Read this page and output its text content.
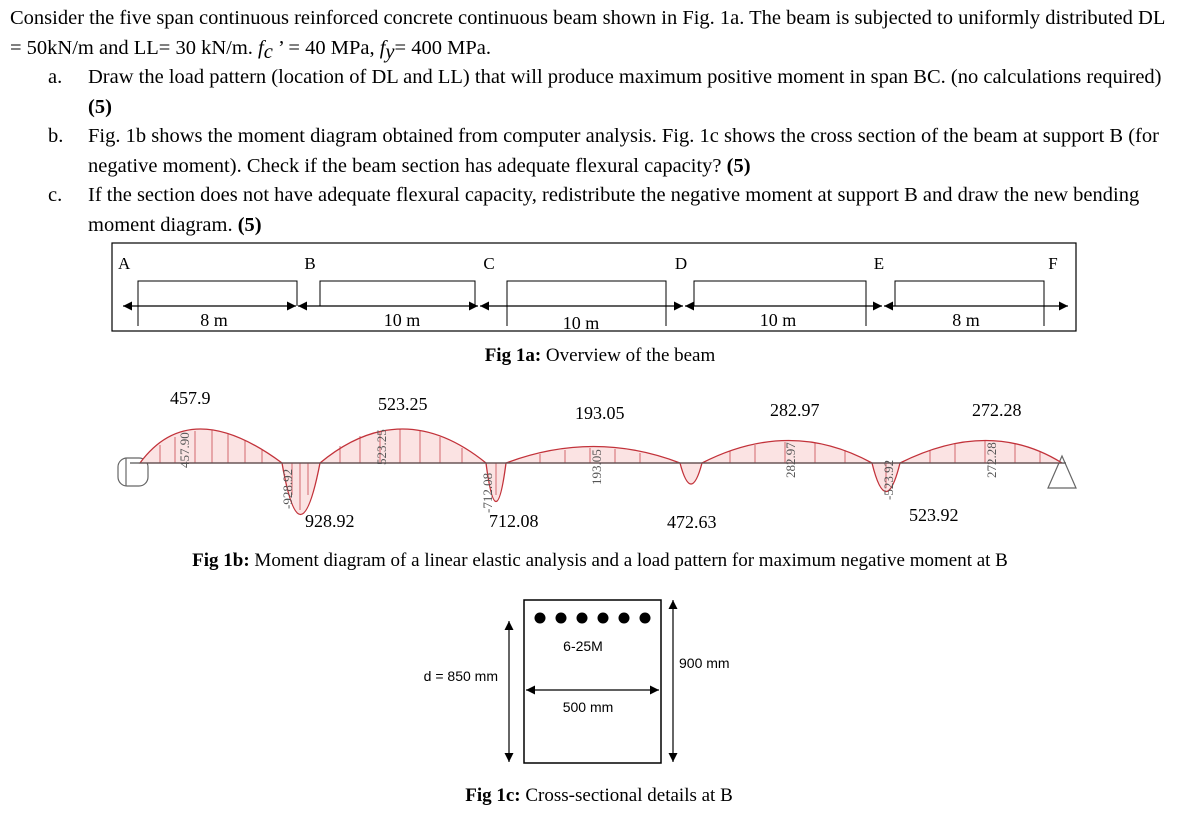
Consider the five span continuous reinforced concrete continuous beam shown in Fig. 1a. The beam is subjected to uniformly distributed DL = 50kN/m and LL= 30 kN/m. $f_c$ ’ = 40 MPa, $f_y= 400$ MPa.

a. Draw the load pattern (location of DL and LL) that will produce maximum positive moment in span BC. (no calculations required) (5)
b. Fig. 1b shows the moment diagram obtained from computer analysis. Fig. 1c shows the cross section of the beam at support B (for negative moment). Check if the beam section has adequate flexural capacity? (5)
c. If the section does not have adequate flexural capacity, redistribute the negative moment at support B and draw the new bending moment diagram. (5)
A	B	C	D	E	F
8 m	10 m	10 m	10 m	8 m
Fig 1a: Overview of the beam
457.90
-928.92
523.25
-712.08
193.05	282.97	-523.92	272.28
457.9	523.25	193.05	282.97	272.28
928.92	712.08	472.63	523.92
Fig 1b: Moment diagram of a linear elastic analysis and a load pattern for maximum negative moment at B
6-25M
d = 850 mm
900 mm
500 mm
Fig 1c: Cross-sectional details at B
